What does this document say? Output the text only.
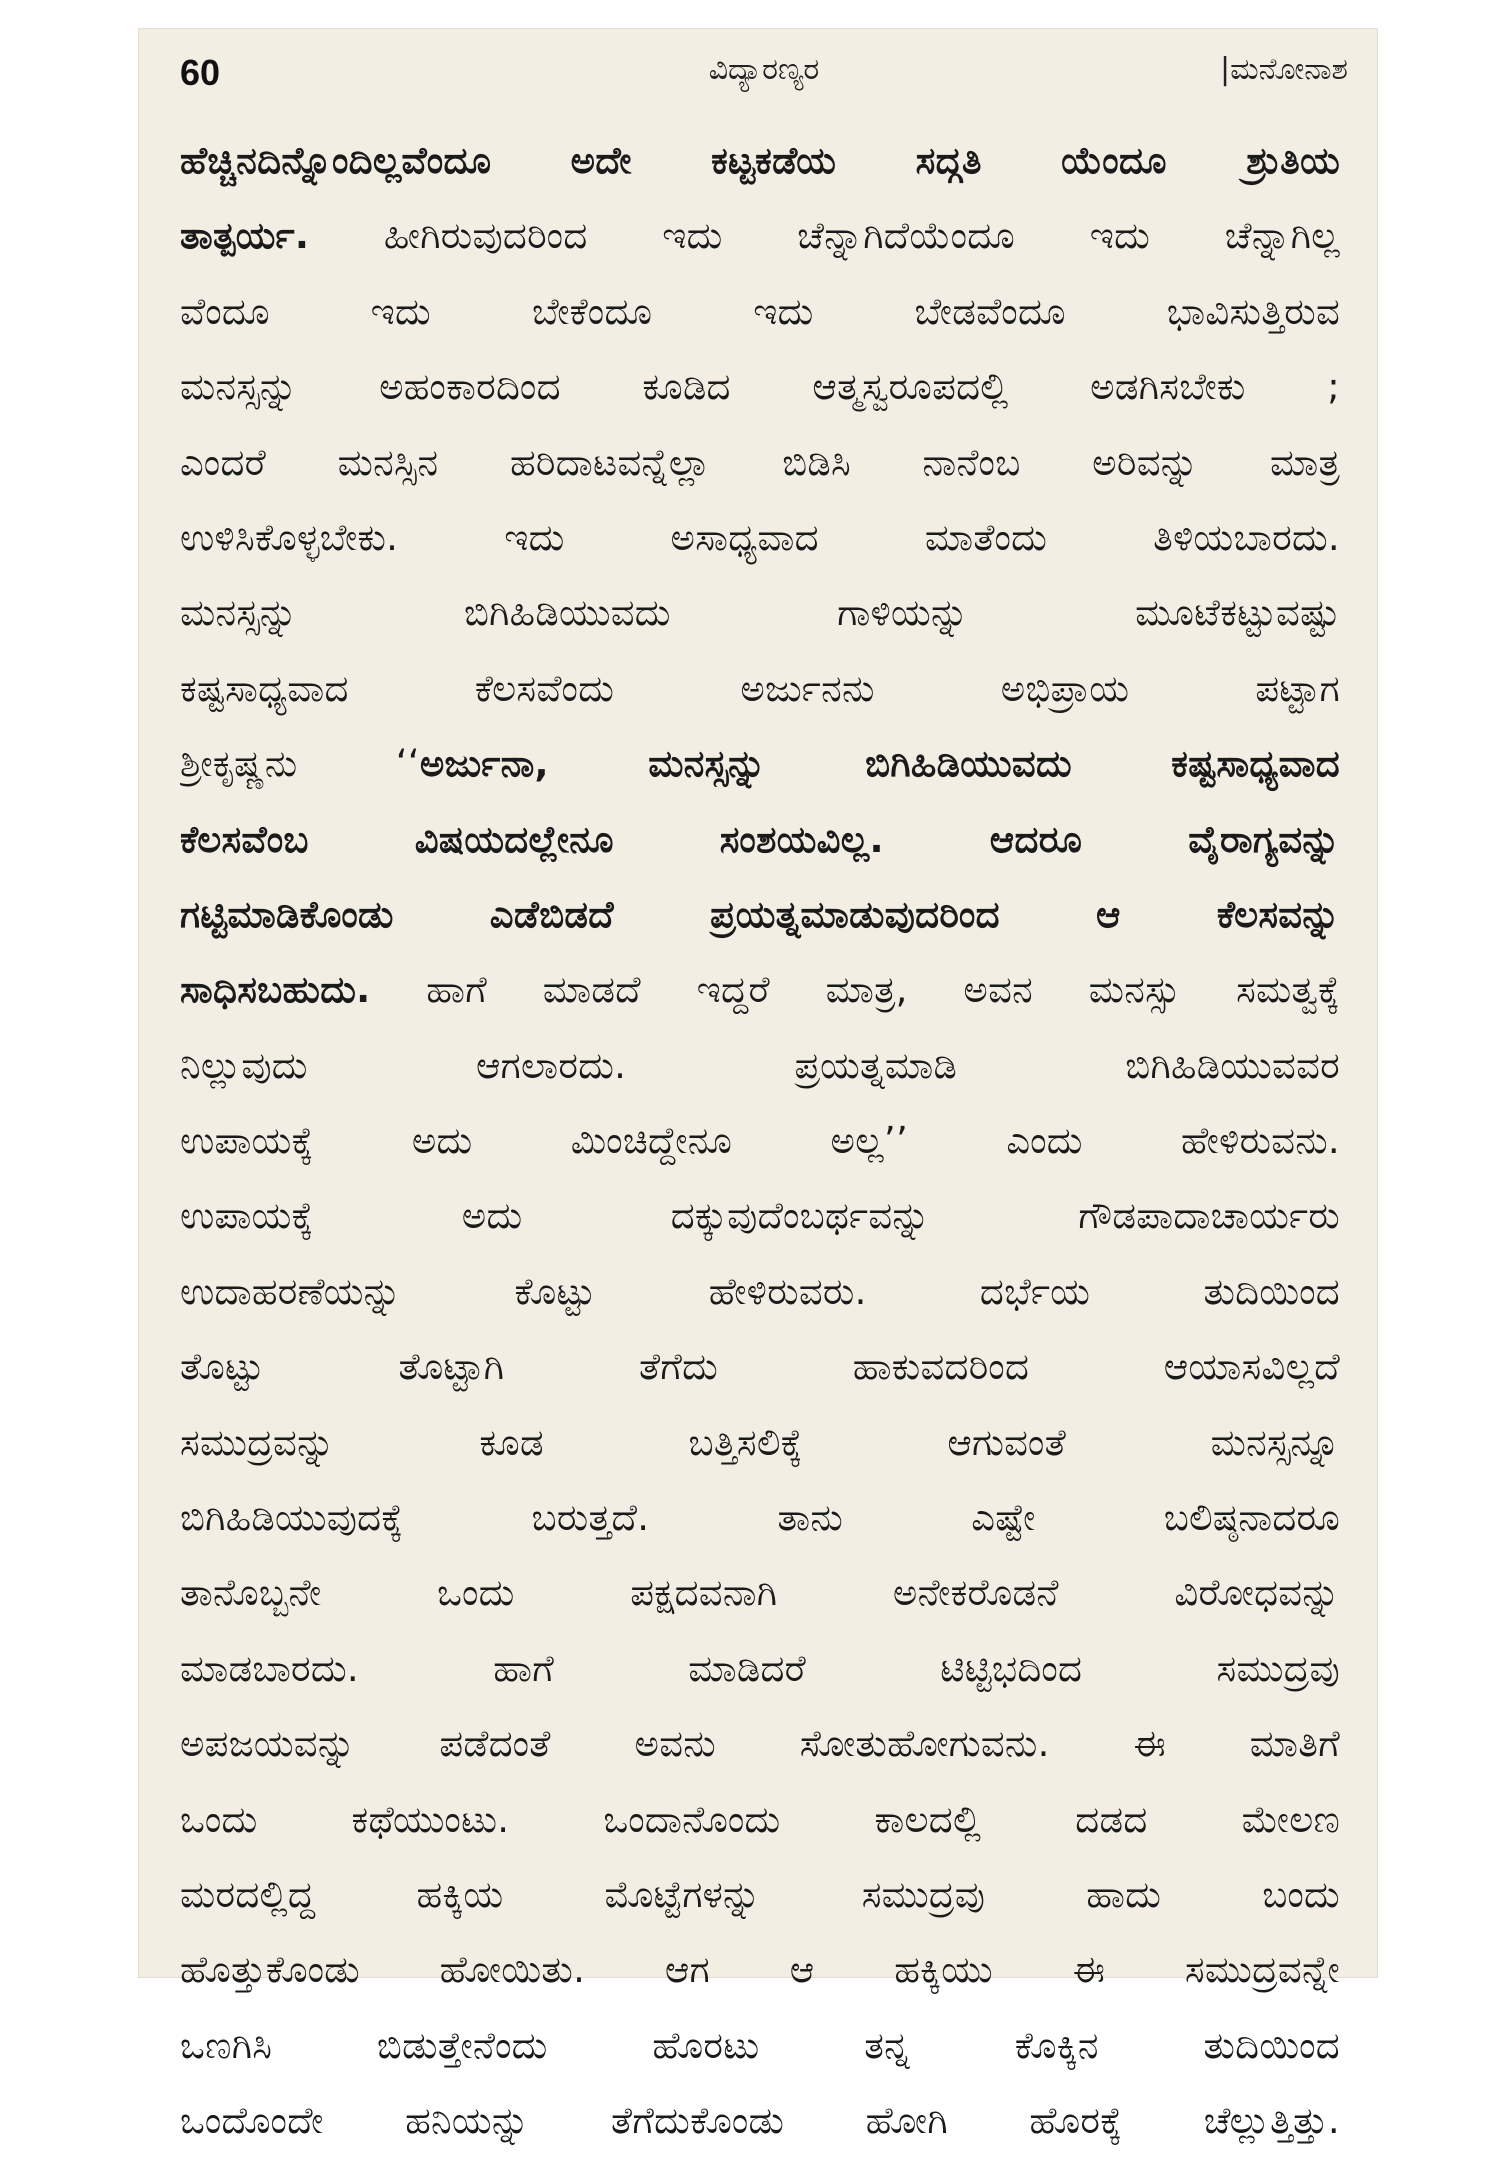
60	ವಿದ್ಯಾರಣ್ಯರ	|ಮನೋನಾಶ
ಹೆಚ್ಚಿನದಿನ್ನೊಂದಿಲ್ಲವೆಂದೂ ಅದೇ ಕಟ್ಟಕಡೆಯ ಸದ್ಗತಿ ಯೆಂದೂ ಶ್ರುತಿಯ
ತಾತ್ಪರ್ಯ. ಹೀಗಿರುವುದರಿಂದ ಇದು ಚೆನ್ನಾಗಿದೆಯೆಂದೂ ಇದು ಚೆನ್ನಾಗಿಲ್ಲ
ವೆಂದೂ ಇದು ಬೇಕೆಂದೂ ಇದು ಬೇಡವೆಂದೂ ಭಾವಿಸುತ್ತಿರುವ
ಮನಸ್ಸನ್ನು ಅಹಂಕಾರದಿಂದ ಕೂಡಿದ ಆತ್ಮಸ್ವರೂಪದಲ್ಲಿ ಅಡಗಿಸಬೇಕು ;
ಎಂದರೆ ಮನಸ್ಸಿನ ಹರಿದಾಟವನ್ನೆಲ್ಲಾ ಬಿಡಿಸಿ ನಾನೆಂಬ ಅರಿವನ್ನು ಮಾತ್ರ
ಉಳಿಸಿಕೊಳ್ಳಬೇಕು. ಇದು ಅಸಾಧ್ಯವಾದ ಮಾತೆಂದು ತಿಳಿಯಬಾರದು.
ಮನಸ್ಸನ್ನು ಬಿಗಿಹಿಡಿಯುವದು ಗಾಳಿಯನ್ನು ಮೂಟೆಕಟ್ಟುವಷ್ಟು
ಕಷ್ಟಸಾಧ್ಯವಾದ ಕೆಲಸವೆಂದು ಅರ್ಜುನನು ಅಭಿಪ್ರಾಯ ಪಟ್ಟಾಗ
ಶ್ರೀಕೃಷ್ಣನು ‘‘ಅರ್ಜುನಾ, ಮನಸ್ಸನ್ನು ಬಿಗಿಹಿಡಿಯುವದು ಕಷ್ಟಸಾಧ್ಯವಾದ
ಕೆಲಸವೆಂಬ ವಿಷಯದಲ್ಲೇನೂ ಸಂಶಯವಿಲ್ಲ. ಆದರೂ ವೈರಾಗ್ಯವನ್ನು
ಗಟ್ಟಿಮಾಡಿಕೊಂಡು ಎಡೆಬಿಡದೆ ಪ್ರಯತ್ನಮಾಡುವುದರಿಂದ ಆ ಕೆಲಸವನ್ನು
ಸಾಧಿಸಬಹುದು. ಹಾಗೆ ಮಾಡದೆ ಇದ್ದರೆ ಮಾತ್ರ, ಅವನ ಮನಸ್ಸು ಸಮತ್ವಕ್ಕೆ
ನಿಲ್ಲುವುದು ಆಗಲಾರದು. ಪ್ರಯತ್ನಮಾಡಿ ಬಿಗಿಹಿಡಿಯುವವರ
ಉಪಾಯಕ್ಕೆ ಅದು ಮಿಂಚಿದ್ದೇನೂ ಅಲ್ಲ’’ ಎಂದು ಹೇಳಿರುವನು.
ಉಪಾಯಕ್ಕೆ ಅದು ದಕ್ಕುವುದೆಂಬರ್ಥವನ್ನು ಗೌಡಪಾದಾಚಾರ್ಯರು
ಉದಾಹರಣೆಯನ್ನು ಕೊಟ್ಟು ಹೇಳಿರುವರು. ದರ್ಭೆಯ ತುದಿಯಿಂದ
ತೊಟ್ಟು ತೊಟ್ಟಾಗಿ ತೆಗೆದು ಹಾಕುವದರಿಂದ ಆಯಾಸವಿಲ್ಲದೆ
ಸಮುದ್ರವನ್ನು ಕೂಡ ಬತ್ತಿಸಲಿಕ್ಕೆ ಆಗುವಂತೆ ಮನಸ್ಸನ್ನೂ
ಬಿಗಿಹಿಡಿಯುವುದಕ್ಕೆ ಬರುತ್ತದೆ. ತಾನು ಎಷ್ಟೇ ಬಲಿಷ್ಠನಾದರೂ
ತಾನೊಬ್ಬನೇ ಒಂದು ಪಕ್ಷದವನಾಗಿ ಅನೇಕರೊಡನೆ ವಿರೋಧವನ್ನು
ಮಾಡಬಾರದು. ಹಾಗೆ ಮಾಡಿದರೆ ಟಿಟ್ಟಿಭದಿಂದ ಸಮುದ್ರವು
ಅಪಜಯವನ್ನು ಪಡೆದಂತೆ ಅವನು ಸೋತುಹೋಗುವನು. ಈ ಮಾತಿಗೆ
ಒಂದು ಕಥೆಯುಂಟು. ಒಂದಾನೊಂದು ಕಾಲದಲ್ಲಿ ದಡದ ಮೇಲಣ
ಮರದಲ್ಲಿದ್ದ ಹಕ್ಕಿಯ ಮೊಟ್ಟೆಗಳನ್ನು ಸಮುದ್ರವು ಹಾದು ಬಂದು
ಹೊತ್ತುಕೊಂಡು ಹೋಯಿತು. ಆಗ ಆ ಹಕ್ಕಿಯು ಈ ಸಮುದ್ರವನ್ನೇ
ಒಣಗಿಸಿ ಬಿಡುತ್ತೇನೆಂದು ಹೊರಟು ತನ್ನ ಕೊಕ್ಕಿನ ತುದಿಯಿಂದ
ಒಂದೊಂದೇ ಹನಿಯನ್ನು ತೆಗೆದುಕೊಂಡು ಹೋಗಿ ಹೊರಕ್ಕೆ ಚೆಲ್ಲುತ್ತಿತ್ತು.
